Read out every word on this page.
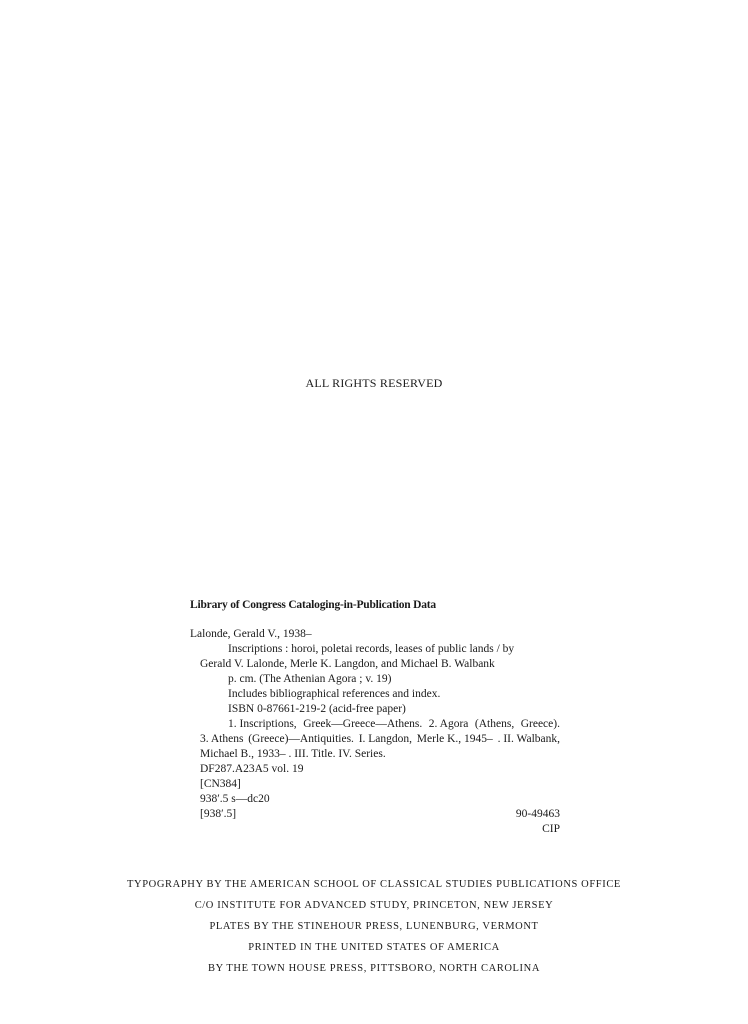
ALL RIGHTS RESERVED
Library of Congress Cataloging-in-Publication Data
Lalonde, Gerald V., 1938–
Inscriptions : horoi, poletai records, leases of public lands / by
Gerald V. Lalonde, Merle K. Langdon, and Michael B. Walbank
p. cm. (The Athenian Agora ; v. 19)
Includes bibliographical references and index.
ISBN 0-87661-219-2 (acid-free paper)
1. Inscriptions, Greek—Greece—Athens. 2. Agora (Athens, Greece).
3. Athens (Greece)—Antiquities. I. Langdon, Merle K., 1945– . II. Walbank,
Michael B., 1933– . III. Title. IV. Series.
DF287.A23A5 vol. 19
[CN384]
938′.5 s—dc20
[938′.5]	90-49463
CIP
TYPOGRAPHY BY THE AMERICAN SCHOOL OF CLASSICAL STUDIES PUBLICATIONS OFFICE
C/O INSTITUTE FOR ADVANCED STUDY, PRINCETON, NEW JERSEY
PLATES BY THE STINEHOUR PRESS, LUNENBURG, VERMONT
PRINTED IN THE UNITED STATES OF AMERICA
BY THE TOWN HOUSE PRESS, PITTSBORO, NORTH CAROLINA
